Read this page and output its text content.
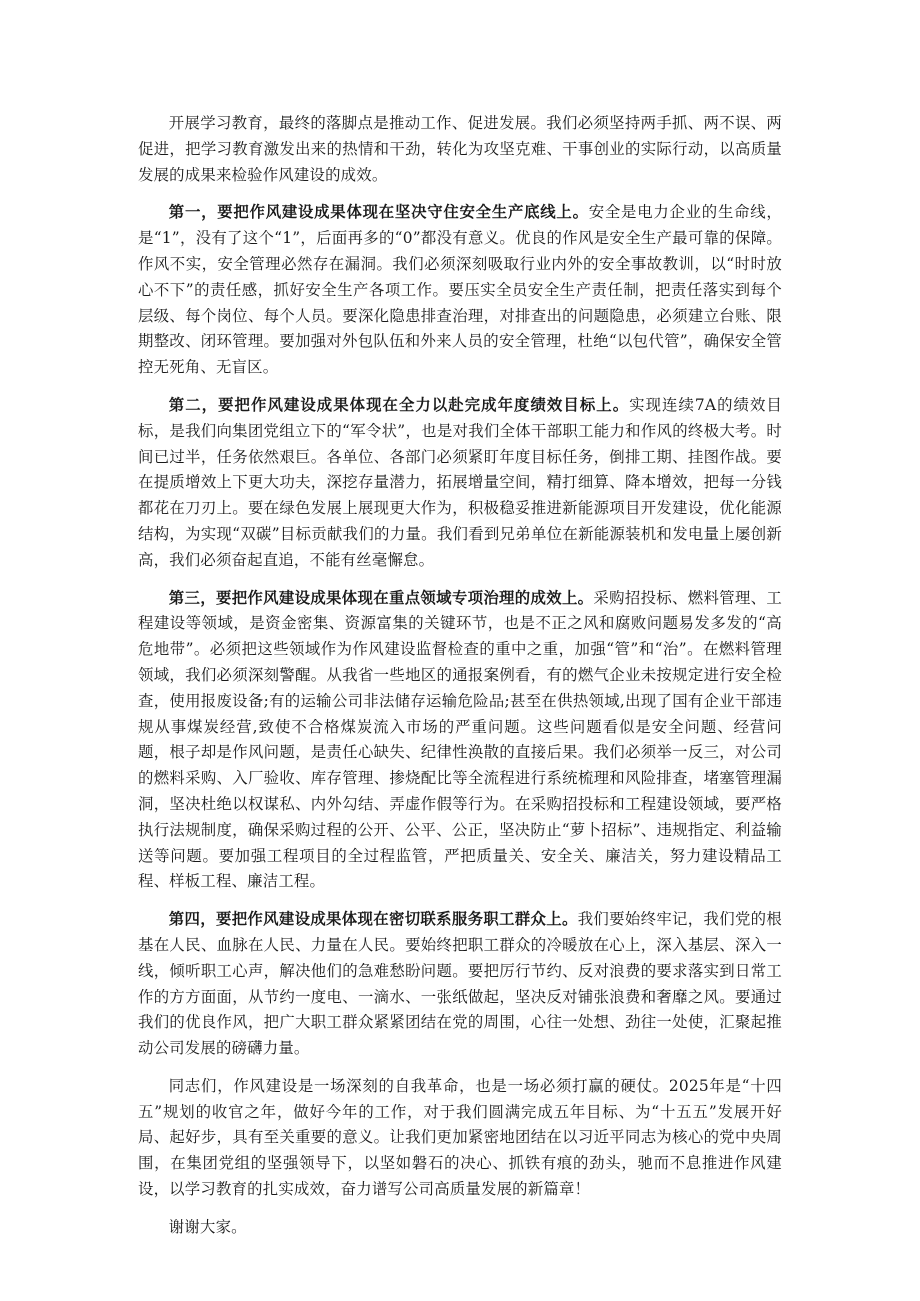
开展学习教育，最终的落脚点是推动工作、促进发展。我们必须坚持两手抓、两不误、两促进，把学习教育激发出来的热情和干劲，转化为攻坚克难、干事创业的实际行动，以高质量发展的成果来检验作风建设的成效。

第一，要把作风建设成果体现在坚决守住安全生产底线上。安全是电力企业的生命线，是“1”，没有了这个“1”，后面再多的“0”都没有意义。优良的作风是安全生产最可靠的保障。作风不实，安全管理必然存在漏洞。我们必须深刻吸取行业内外的安全事故教训，以“时时放心不下”的责任感，抓好安全生产各项工作。要压实全员安全生产责任制，把责任落实到每个层级、每个岗位、每个人员。要深化隐患排查治理，对排查出的问题隐患，必须建立台账、限期整改、闭环管理。要加强对外包队伍和外来人员的安全管理，杜绝“以包代管”，确保安全管控无死角、无盲区。

第二，要把作风建设成果体现在全力以赴完成年度绩效目标上。实现连续7A的绩效目标，是我们向集团党组立下的“军令状”，也是对我们全体干部职工能力和作风的终极大考。时间已过半，任务依然艰巨。各单位、各部门必须紧盯年度目标任务，倒排工期、挂图作战。要在提质增效上下更大功夫，深挖存量潜力，拓展增量空间，精打细算、降本增效，把每一分钱都花在刀刃上。要在绿色发展上展现更大作为，积极稳妥推进新能源项目开发建设，优化能源结构，为实现“双碳”目标贡献我们的力量。我们看到兄弟单位在新能源装机和发电量上屡创新高，我们必须奋起直追，不能有丝毫懈怠。

第三，要把作风建设成果体现在重点领域专项治理的成效上。采购招投标、燃料管理、工程建设等领域，是资金密集、资源富集的关键环节，也是不正之风和腐败问题易发多发的“高危地带”。必须把这些领域作为作风建设监督检查的重中之重，加强“管”和“治”。在燃料管理领域，我们必须深刻警醒。从我省一些地区的通报案例看，有的燃气企业未按规定进行安全检查，使用报废设备;有的运输公司非法储存运输危险品;甚至在供热领域,出现了国有企业干部违规从事煤炭经营,致使不合格煤炭流入市场的严重问题。这些问题看似是安全问题、经营问题，根子却是作风问题，是责任心缺失、纪律性涣散的直接后果。我们必须举一反三，对公司的燃料采购、入厂验收、库存管理、掺烧配比等全流程进行系统梳理和风险排查，堵塞管理漏洞，坚决杜绝以权谋私、内外勾结、弄虚作假等行为。在采购招投标和工程建设领域，要严格执行法规制度，确保采购过程的公开、公平、公正，坚决防止“萝卜招标”、违规指定、利益输送等问题。要加强工程项目的全过程监管，严把质量关、安全关、廉洁关，努力建设精品工程、样板工程、廉洁工程。

第四，要把作风建设成果体现在密切联系服务职工群众上。我们要始终牢记，我们党的根基在人民、血脉在人民、力量在人民。要始终把职工群众的冷暖放在心上，深入基层、深入一线，倾听职工心声，解决他们的急难愁盼问题。要把厉行节约、反对浪费的要求落实到日常工作的方方面面，从节约一度电、一滴水、一张纸做起，坚决反对铺张浪费和奢靡之风。要通过我们的优良作风，把广大职工群众紧紧团结在党的周围，心往一处想、劲往一处使，汇聚起推动公司发展的磅礴力量。

同志们，作风建设是一场深刻的自我革命，也是一场必须打赢的硬仗。2025年是“十四五”规划的收官之年，做好今年的工作，对于我们圆满完成五年目标、为“十五五”发展开好局、起好步，具有至关重要的意义。让我们更加紧密地团结在以习近平同志为核心的党中央周围，在集团党组的坚强领导下，以坚如磐石的决心、抓铁有痕的劲头，驰而不息推进作风建设，以学习教育的扎实成效，奋力谱写公司高质量发展的新篇章！

谢谢大家。
